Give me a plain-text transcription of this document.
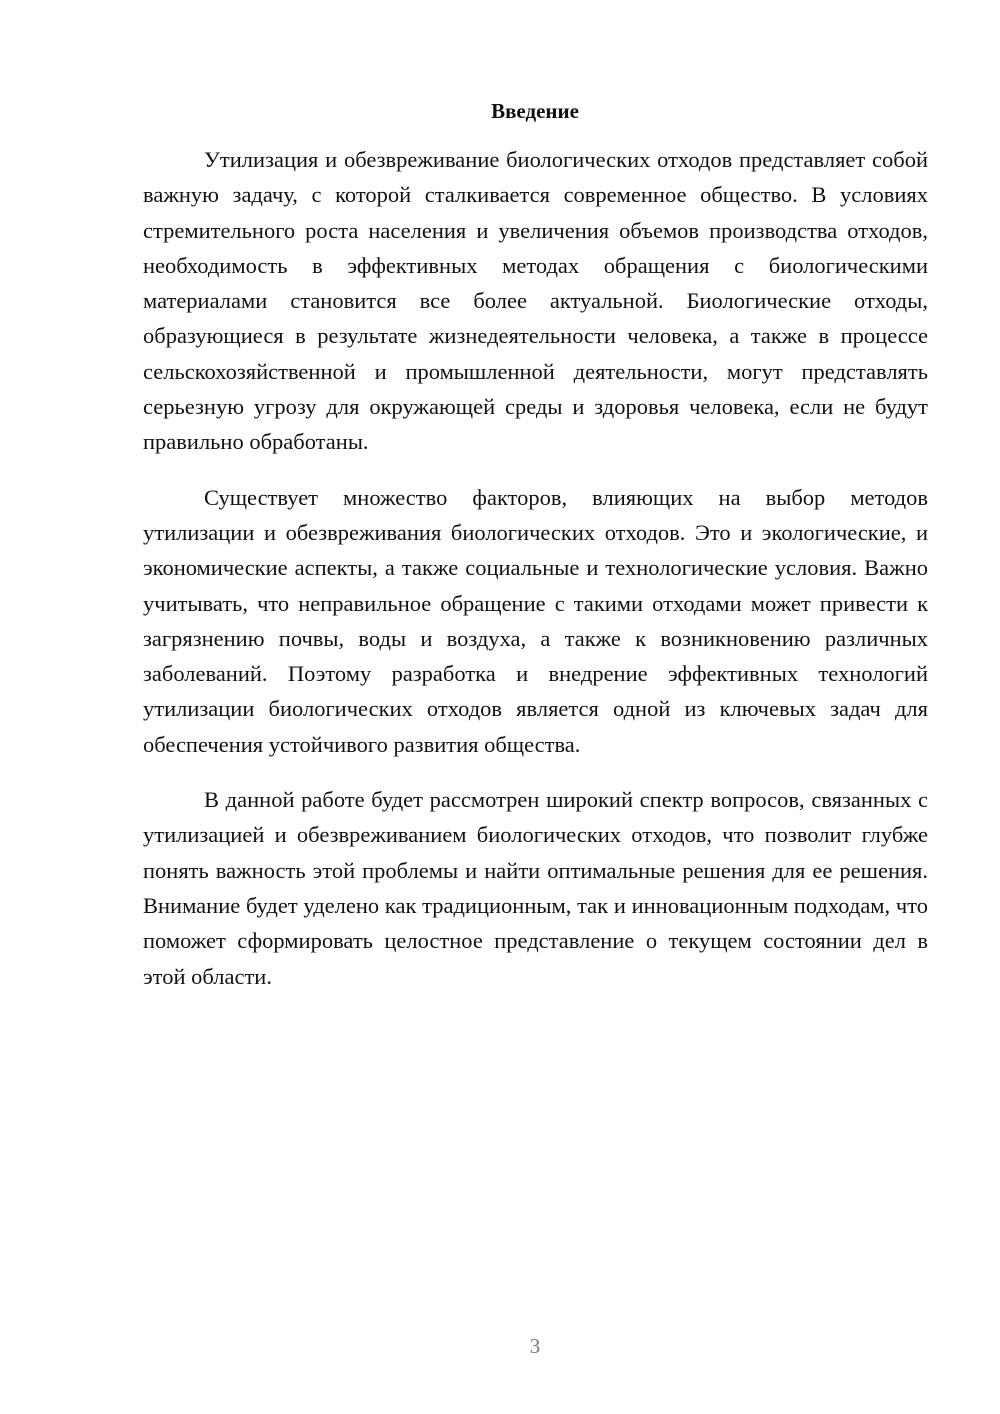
Введение

Утилизация и обезвреживание биологических отходов представляет собой важную задачу, с которой сталкивается современное общество. В условиях стремительного роста населения и увеличения объемов производства отходов, необходимость в эффективных методах обращения с биологическими материалами становится все более актуальной. Биологические отходы, образующиеся в результате жизнедеятельности человека, а также в процессе сельскохозяйственной и промышленной деятельности, могут представлять серьезную угрозу для окружающей среды и здоровья человека, если не будут правильно обработаны.

Существует множество факторов, влияющих на выбор методов утилизации и обезвреживания биологических отходов. Это и экологические, и экономические аспекты, а также социальные и технологические условия. Важно учитывать, что неправильное обращение с такими отходами может привести к загрязнению почвы, воды и воздуха, а также к возникновению различных заболеваний. Поэтому разработка и внедрение эффективных технологий утилизации биологических отходов является одной из ключевых задач для обеспечения устойчивого развития общества.

В данной работе будет рассмотрен широкий спектр вопросов, связанных с утилизацией и обезвреживанием биологических отходов, что позволит глубже понять важность этой проблемы и найти оптимальные решения для ее решения. Внимание будет уделено как традиционным, так и инновационным подходам, что поможет сформировать целостное представление о текущем состоянии дел в этой области.

3
